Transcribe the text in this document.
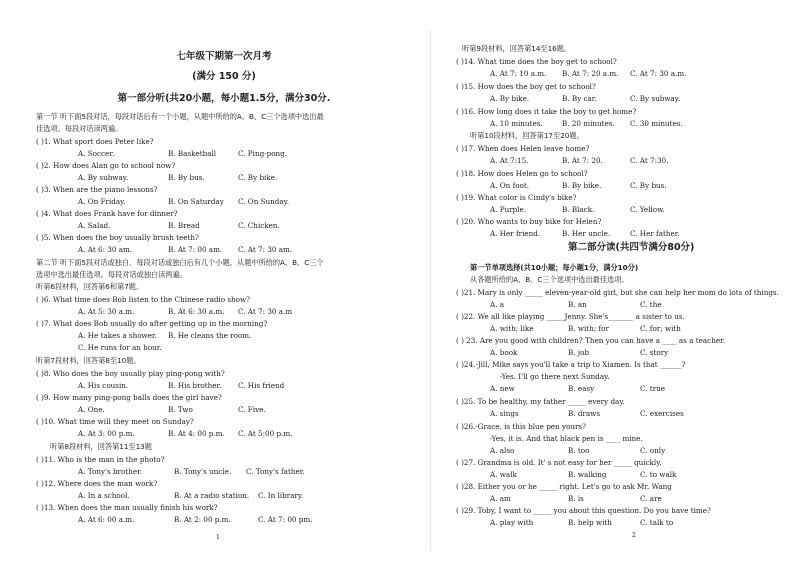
七年级下期第一次月考
(满分 150 分)
第一部分听(共20小题，每小题1.5分，满分30分.
第一节 听下面5段对话，每段对话后有一个小题，从题中所给的A、B、C三个选项中选出最
佳选项。每段对话读两遍。
( )1. What sport does Peter like?
A. Soccer.	B. Basketball	C. Ping-pong.
( )2. How does Alan go to school now?
A. By subway.	B. By bus.	C. By bike.
( )3. When are the piano lessons?
A. On Friday.	B. On Saturday C. On Sunday.
( )4. What does Frank have for dinner?
A. Salad.	B. Bread	C. Chicken.
( )5. When does the boy usually brush teeth?
A. At 6: 30 am.	B. At 7: 00 am. C. At 7: 30 am.
第二节 听下面5段对话或独白。每段对话或独白后有几个小题，从题中所给的A、B、C三个
选项中选出最佳选项。每段对话或独白读两遍。
听第6段材料，回答第6和第7题。
( )6. What time does Bob listen to the Chinese radio show?
A. At 5: 30 a.m.	B. At 6: 30 a.m. C. At 7: 30 a.m
( )7. What does Bob usually do after getting up in the morning?
A. He takes a shower. B. He cleans the room.
C. He runs for an hour.
听第7段材料，回答第8至10题。
( )8. Who does the boy usually play ping-pong with?
A. His cousin.	B. His brother. C. His friend
( )9. How many ping-pong balls does the girl have?
A. One.	B. Two	C. Five.
( )10. What time will they meet on Sunday?
A. At 3: 00 p.m.	B. At 4: 00 p.m. C. At 5:00 p.m.
听第8段材料，回答第11至13题
( )11. Who is the man in the photo?
A. Tony's brother.	B. Tony's uncle. C. Tony's father.
( )12. Where does the man work?
A. In a school.	B. At a radio station. C. In library.
( )13. When does the man usually finish his work?
A. At 6: 00 a.m.	B. At 2: 00 p.m.	C. At 7: 00 pm.
1
听第9段材料，回答第14至16题。
( )14. What time does the boy get to school?
A. At 7: 10 a.m. B. At 7: 20 a.m. C. At 7: 30 a.m.
( )15. How does the boy get to school?
A. By bike.	B. By car.	C. By subway.
( )16. How long does it take the boy to get home?
A. 10 minutes.	B. 20 minutes. C. 30 minutes.
听第10段材料，回答第17至20题。
( )17. When does Helen leave home?
A. At 7:15.	B. At 7: 20.	C. At 7:30.
( )18. How does Helen go to school?
A. On foot.	B. By bike.	C. By bus.
( )19. What color is Cindy's bike?
A. Purple.	B. Black.	C. Yellow.
( )20. Who wants to buy bike for Helen?
A. Her friend.	B. Her uncle.	C. Her father.
第二部分读(共四节满分80分)
第一节单项选择(共10小题；每小题1分，满分10分)
从各题所给的A、B、C三个选项中选出最佳选项。
( )21. Mary is only _____ eleven-year-old girl, but she can help her mom do lots of things.
A. a	B. an	C. the
( )22. We all like playing _____Jenny. She's_______ a sister to us.
A. with; like	B. with; for	C. for; with
( ) 23. Are you good with children? Then you can have a ____ as a teacher.
A. book	B. job	C. story
( )24.-Jill, Mike says you'll take a trip to Xiamen. Is that ______?
-Yes. I'll go there next Sunday.
A. new	B. easy	C. true
( )25. To be healthy, my father _____ every day.
A. sings	B. draws	C. exercises
( )26.-Grace, is this blue pen yours?
-Yes, it is. And that black pen is ____ mine.
A. also	B. too	C. only
( )27. Grandma is old. It' s not easy for her _____ quickly.
A. walk	B. walking	C. to walk
( )28. Either you or he _____ right. Let's go to ask Mr. Wang
A. am	B. is	C. are
( )29. Toby, I want to _____ you about this question. Do you have time?
A. play with	B. help with	C. talk to
2
